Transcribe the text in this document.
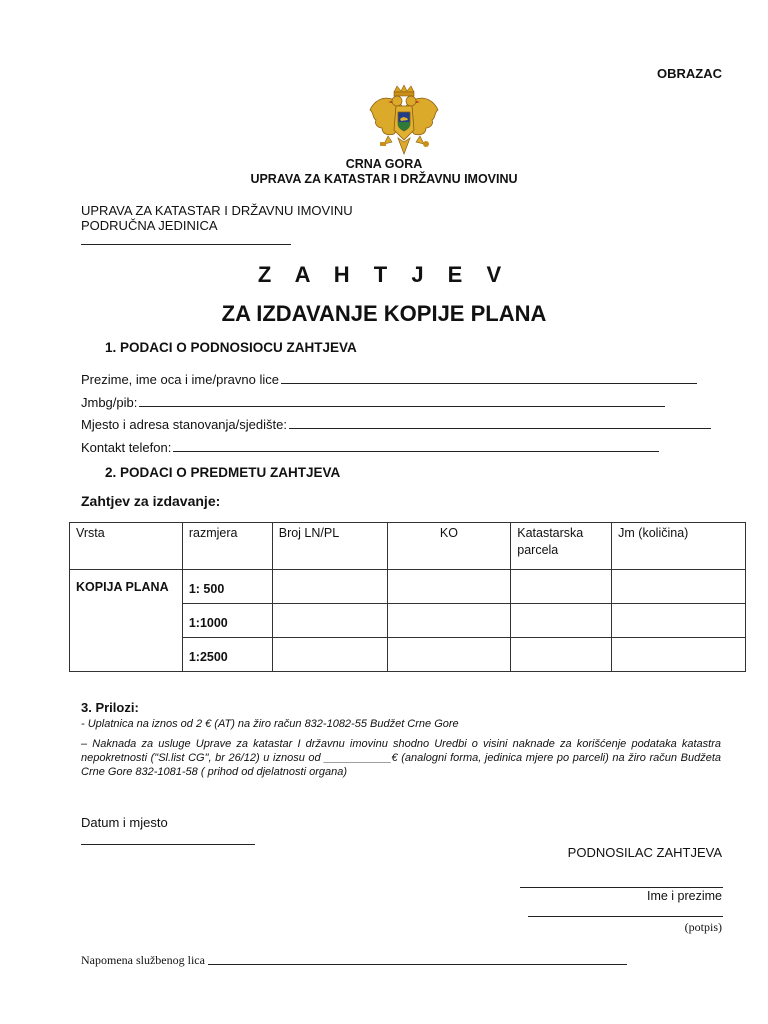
OBRAZAC
CRNA GORA
UPRAVA ZA KATASTAR I DRŽAVNU IMOVINU
UPRAVA ZA KATASTAR I DRŽAVNU IMOVINU
PODRUČNA JEDINICA
Z A H T J E V
ZA IZDAVANJE KOPIJE PLANA
1. PODACI O PODNOSIOCU ZAHTJEVA
Prezime, ime oca i ime/pravno lice
Jmbg/pib:
Mjesto i adresa stanovanja/sjedište:
Kontakt telefon:
2. PODACI O PREDMETU ZAHTJEVA
Zahtjev za izdavanje:
Vrsta	razmjera	Broj LN/PL	KO	Katastarska parcela	Jm (količina)
KOPIJA PLANA	1: 500				
	1:1000				
	1:2500				
3. Prilozi:
- Uplatnica na iznos od 2 € (AT) na žiro račun 832-1082-55 Budžet Crne Gore
– Naknada za usluge Uprave za katastar I državnu imovinu shodno Uredbi o visini naknade za korišćenje podataka katastra nepokretnosti ("Sl.list CG", br 26/12) u iznosu od ___________€ (analogni forma, jedinica mjere po parceli) na žiro račun Budžeta Crne Gore 832-1081-58 ( prihod od djelatnosti organa)
Datum i mjesto
PODNOSILAC ZAHTJEVA
Ime i prezime
(potpis)
Napomena službenog lica
